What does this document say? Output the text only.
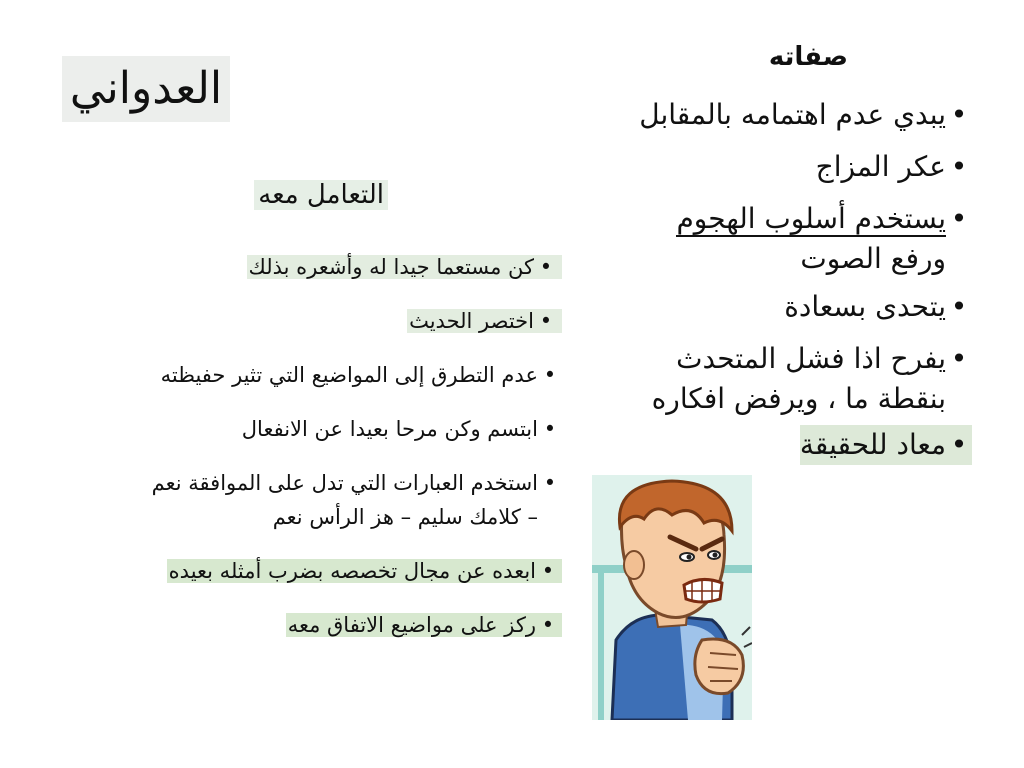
العدواني
صفاته
•يبدي عدم اهتمامه بالمقابل
•عكر المزاج
•يستخدم أسلوب الهجوم
ورفع الصوت
•يتحدى بسعادة
•يفرح اذا فشل المتحدث
بنقطة ما ، ويرفض افكاره
•معاد للحقيقة
التعامل معه
•كن مستعما جيدا له وأشعره بذلك
•اختصر الحديث
•عدم التطرق إلى المواضيع التي تثير حفيظته
•ابتسم وكن مرحا بعيدا عن الانفعال
•استخدم العبارات التي تدل على الموافقة نعم
– كلامك سليم – هز الرأس نعم
•ابعده عن مجال تخصصه بضرب أمثله بعيده
•ركز على مواضيع الاتفاق معه
